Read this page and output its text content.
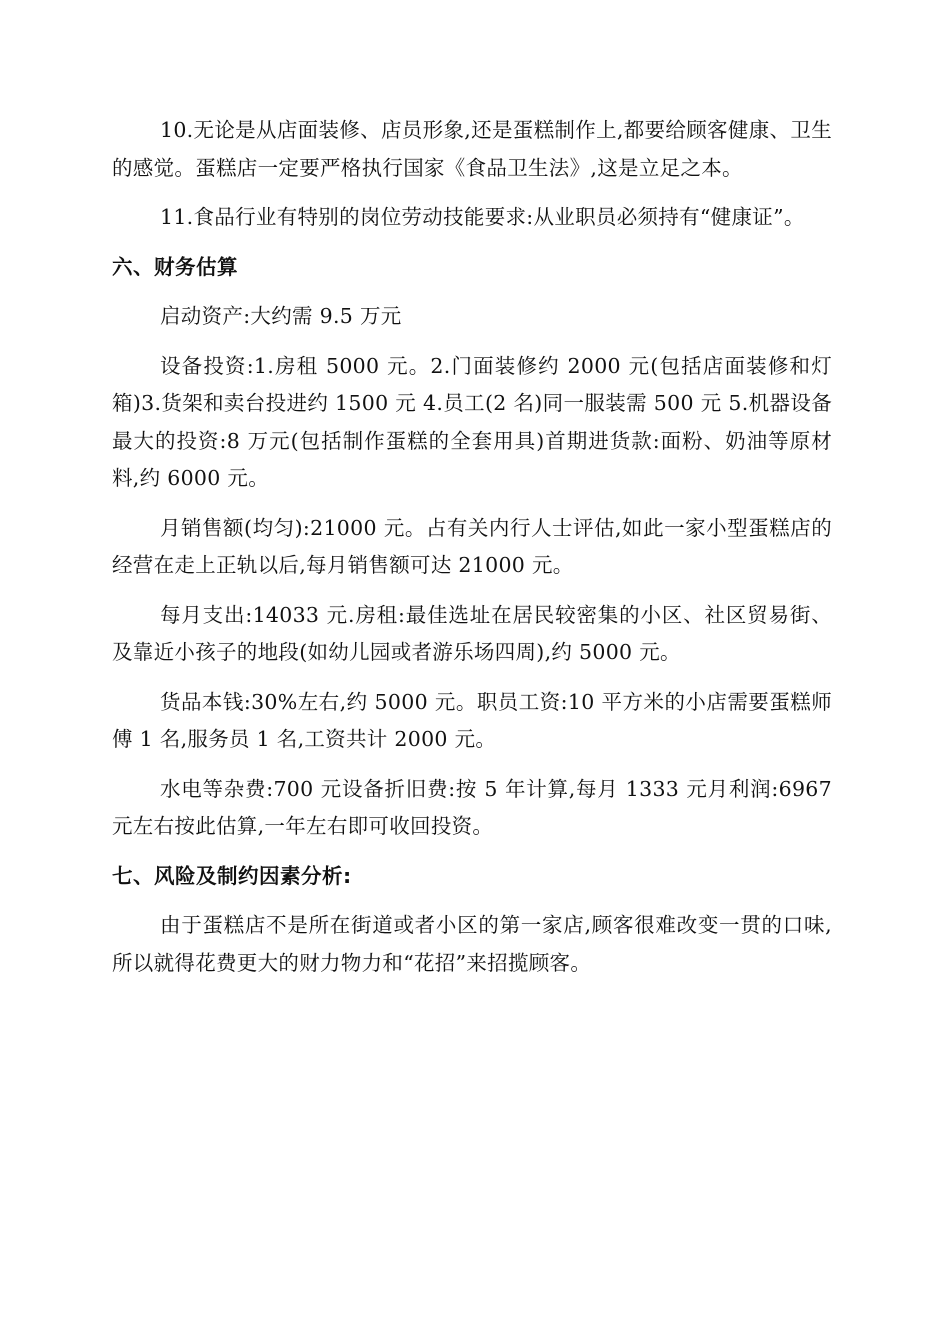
10.无论是从店面装修、店员形象,还是蛋糕制作上,都要给顾客健康、卫生的感觉。蛋糕店一定要严格执行国家《食品卫生法》,这是立足之本。

11.食品行业有特别的岗位劳动技能要求:从业职员必须持有“健康证”。

六、财务估算

启动资产:大约需 9.5 万元

设备投资:1.房租 5000 元。2.门面装修约 2000 元(包括店面装修和灯箱)3.货架和卖台投进约 1500 元 4.员工(2 名)同一服装需 500 元 5.机器设备最大的投资:8 万元(包括制作蛋糕的全套用具)首期进货款:面粉、奶油等原材料,约 6000 元。

月销售额(均匀):21000 元。占有关内行人士评估,如此一家小型蛋糕店的经营在走上正轨以后,每月销售额可达 21000 元。

每月支出:14033 元.房租:最佳选址在居民较密集的小区、社区贸易街、及靠近小孩子的地段(如幼儿园或者游乐场四周),约 5000 元。

货品本钱:30%左右,约 5000 元。职员工资:10 平方米的小店需要蛋糕师傅 1 名,服务员 1 名,工资共计 2000 元。

水电等杂费:700 元设备折旧费:按 5 年计算,每月 1333 元月利润:6967 元左右按此估算,一年左右即可收回投资。

七、风险及制约因素分析:

由于蛋糕店不是所在街道或者小区的第一家店,顾客很难改变一贯的口味,所以就得花费更大的财力物力和“花招”来招揽顾客。
